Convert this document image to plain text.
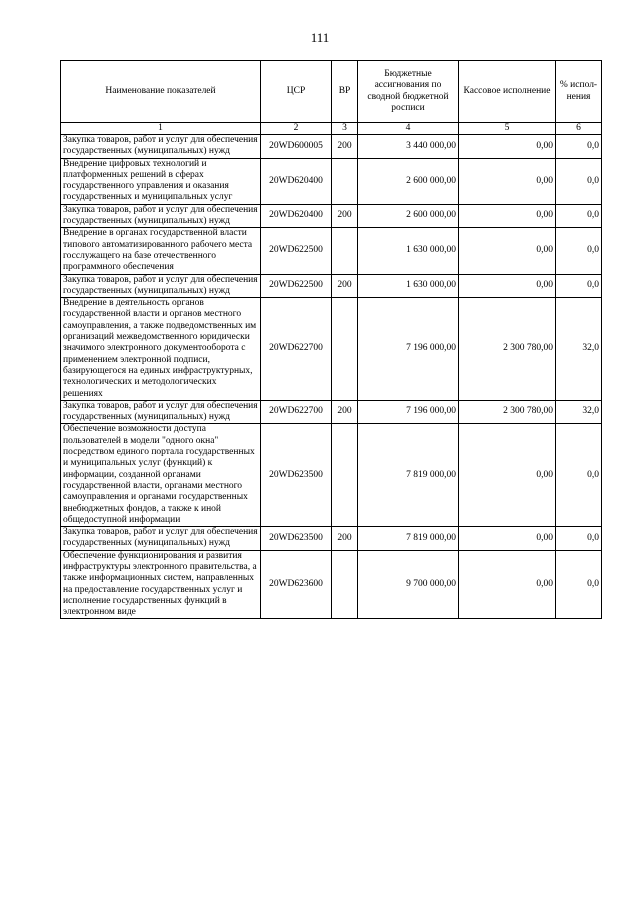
111
Наименование показателей	ЦСР	ВР	Бюджетные ассигнования по сводной бюджетной росписи	Кассовое исполнение	% испол-нения
1	2	3	4	5	6
Закупка товаров, работ и услуг для обеспечения государственных (муниципальных) нужд	20WD600005	200	3 440 000,00	0,00	0,0
Внедрение цифровых технологий и платформенных решений в сферах государственного управления и оказания государственных и муниципальных услуг	20WD620400		2 600 000,00	0,00	0,0
Закупка товаров, работ и услуг для обеспечения государственных (муниципальных) нужд	20WD620400	200	2 600 000,00	0,00	0,0
Внедрение в органах государственной власти типового автоматизированного рабочего места госслужащего на базе отечественного программного обеспечения	20WD622500		1 630 000,00	0,00	0,0
Закупка товаров, работ и услуг для обеспечения государственных (муниципальных) нужд	20WD622500	200	1 630 000,00	0,00	0,0
Внедрение в деятельность органов государственной власти и органов местного самоуправления, а также подведомственных им организаций межведомственного юридически значимого электронного документооборота с применением электронной подписи, базирующегося на единых инфраструктурных, технологических и методологических решениях	20WD622700		7 196 000,00	2 300 780,00	32,0
Закупка товаров, работ и услуг для обеспечения государственных (муниципальных) нужд	20WD622700	200	7 196 000,00	2 300 780,00	32,0
Обеспечение возможности доступа пользователей в модели "одного окна" посредством единого портала государственных и муниципальных услуг (функций) к информации, созданной органами государственной власти, органами местного самоуправления и органами государственных внебюджетных фондов, а также к иной общедоступной информации	20WD623500		7 819 000,00	0,00	0,0
Закупка товаров, работ и услуг для обеспечения государственных (муниципальных) нужд	20WD623500	200	7 819 000,00	0,00	0,0
Обеспечение функционирования и развития инфраструктуры электронного правительства, а также информационных систем, направленных на предоставление государственных услуг и исполнение государственных функций в электронном виде	20WD623600		9 700 000,00	0,00	0,0
